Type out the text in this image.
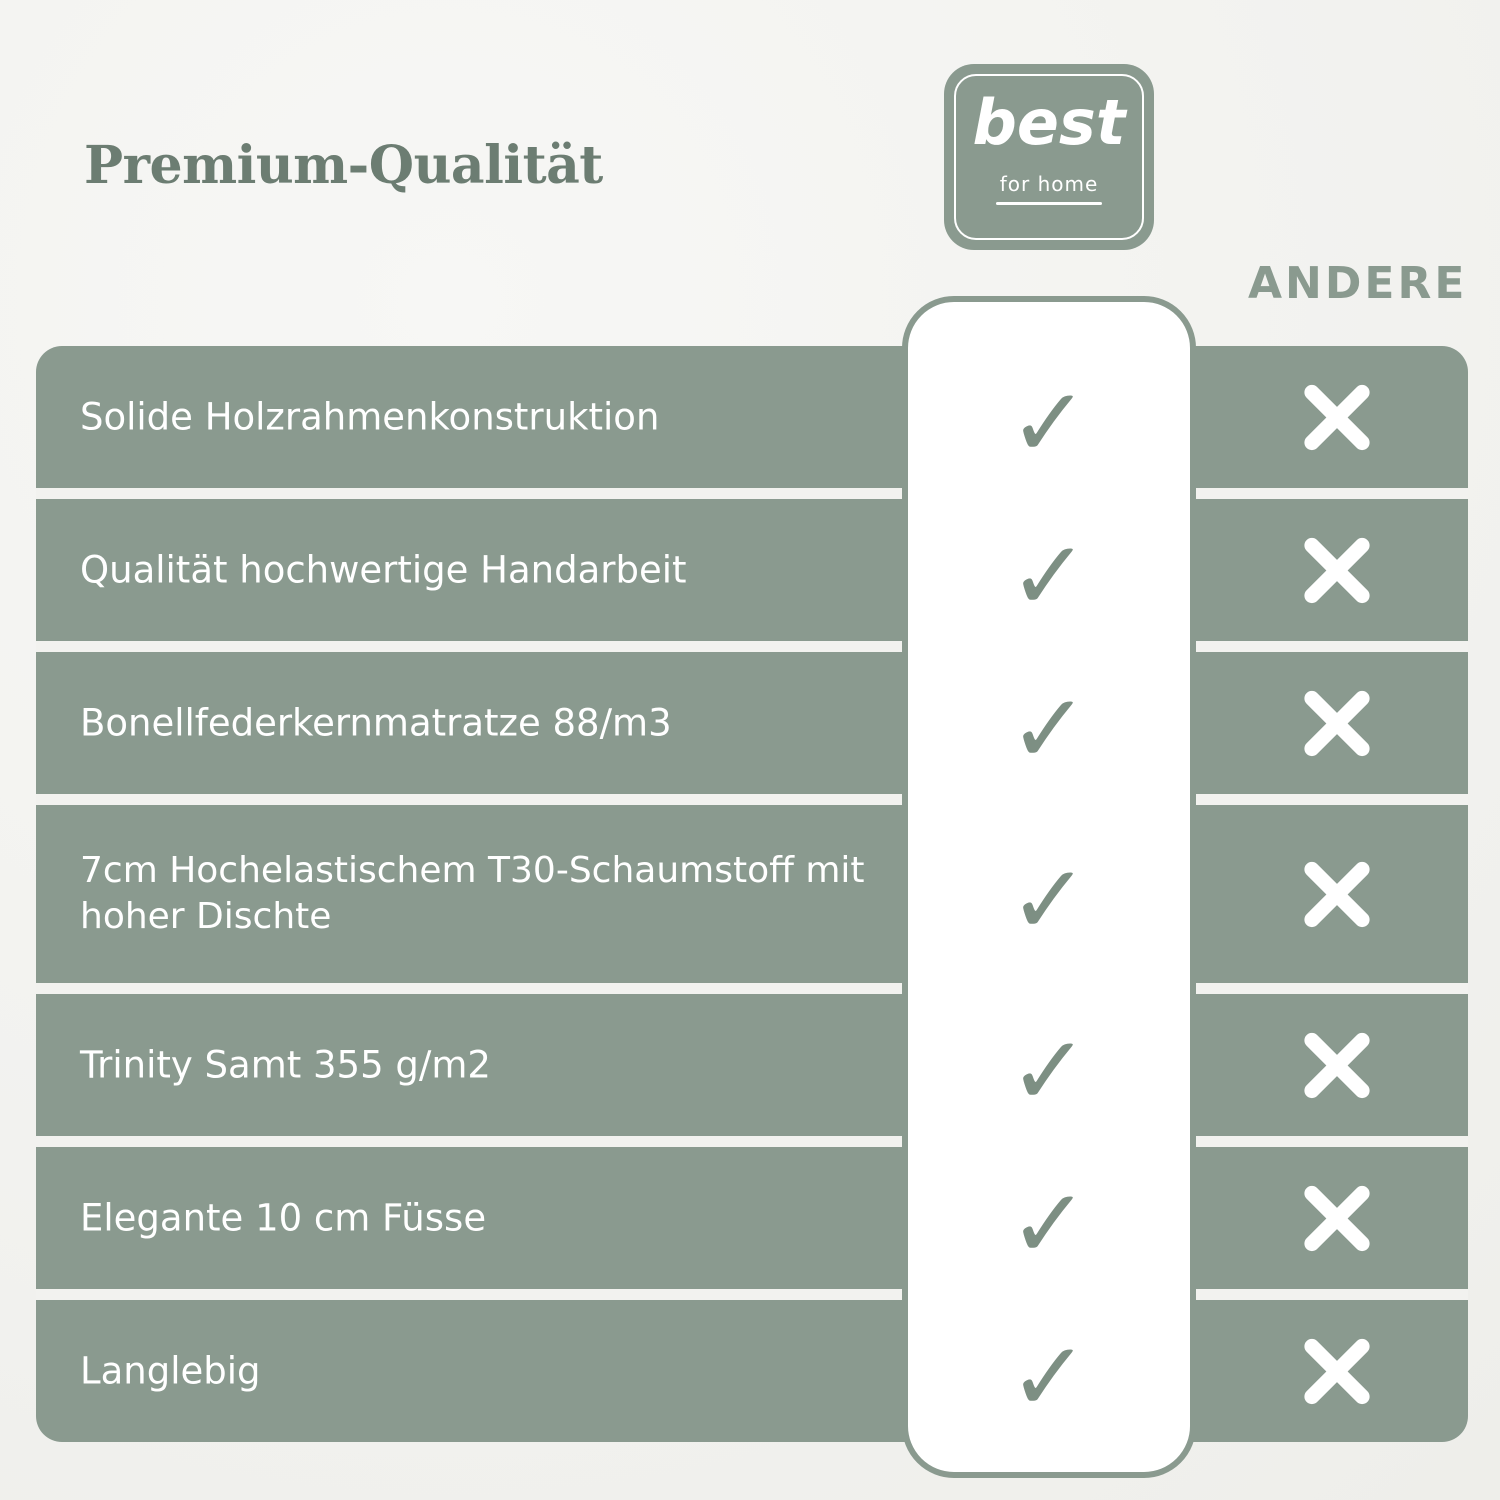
Premium-Qualität
best
for home
ANDERE
Solide Holzrahmenkonstruktion
Qualität hochwertige Handarbeit
Bonellfederkernmatratze 88/m3
7cm Hochelastischem T30-Schaumstoff mit hoher Dischte
Trinity Samt 355 g/m2
Elegante 10 cm Füsse
Langlebig
✓
✓
✓
✓
✓
✓
✓
